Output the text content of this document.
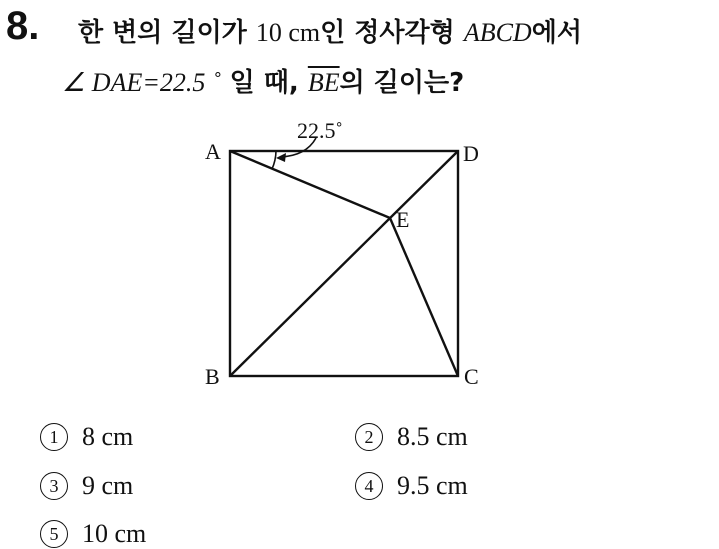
8. 한 변의 길이가 10 cm인 정사각형 ABCD에서
∠ DAE=22.5 ˚ 일 때, $\overline{BE}$의 길이는?
22.5˚
A	D
E
B	C
1 8 cm	2 8.5 cm
3 9 cm	4 9.5 cm
5 10 cm
